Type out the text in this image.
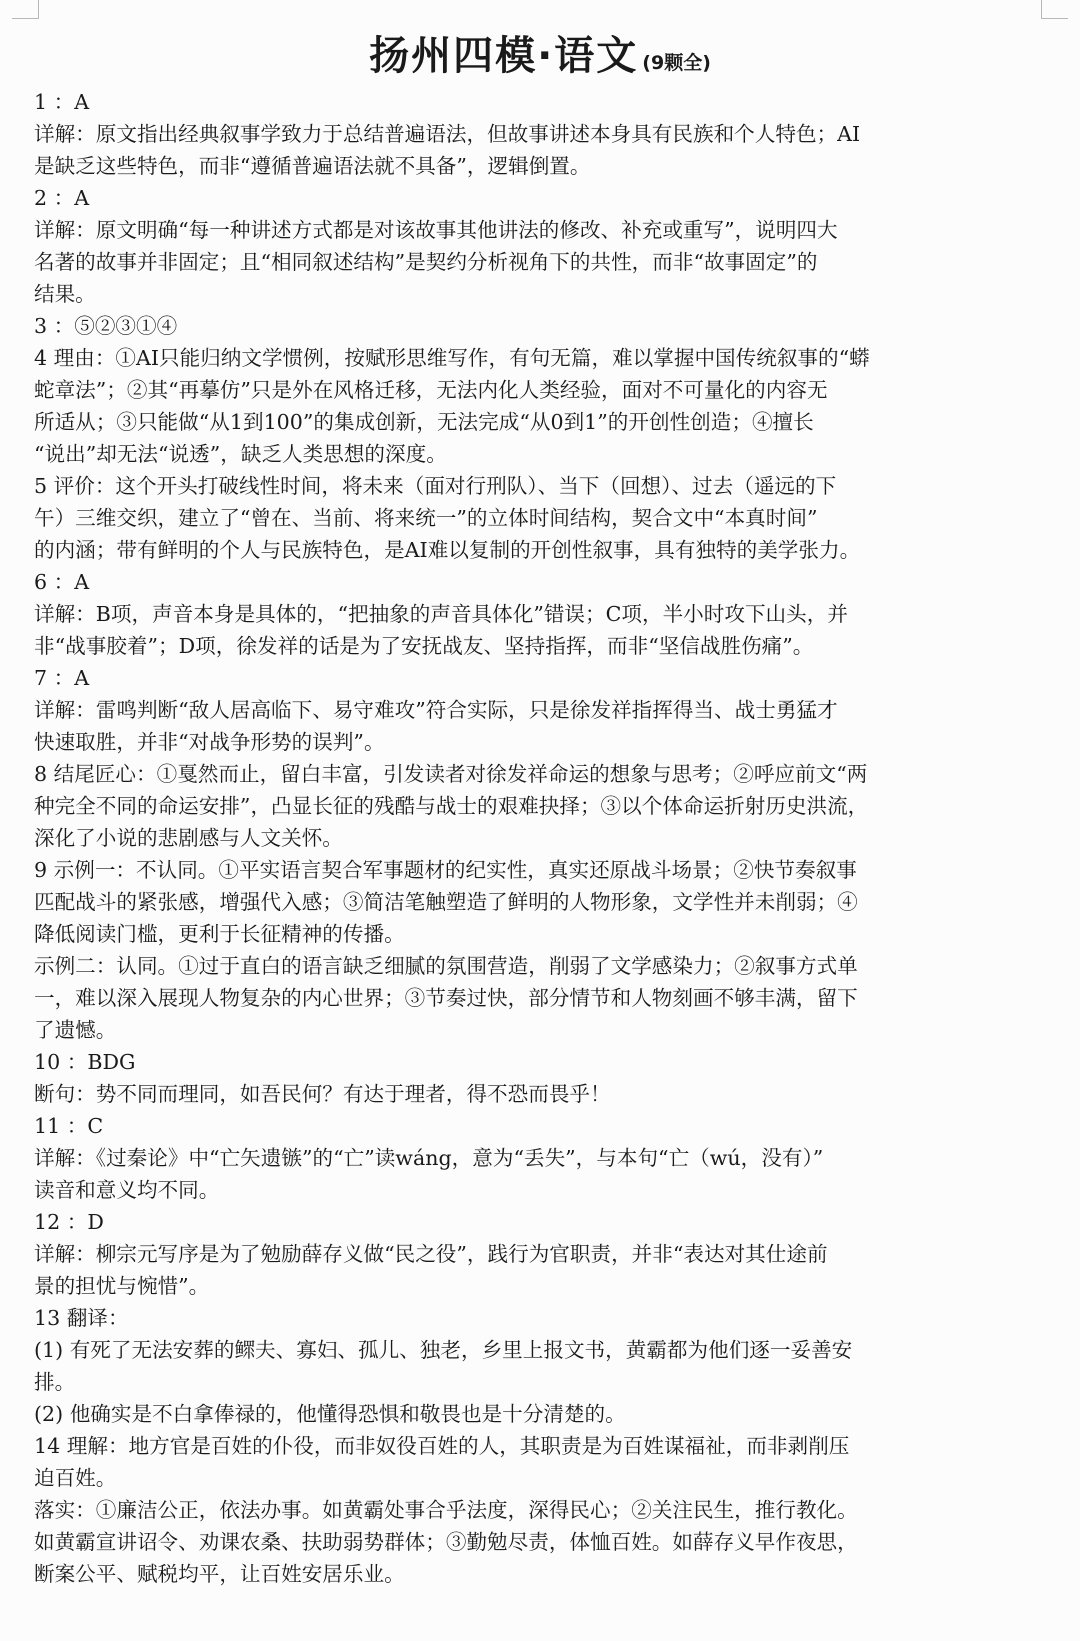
扬州四模·语文 (9颗全)
1 ：A
详解：原文指出经典叙事学致力于总结普遍语法，但故事讲述本身具有民族和个人特色；AI
是缺乏这些特色，而非“遵循普遍语法就不具备”，逻辑倒置。
2 ：A
详解：原文明确“每一种讲述方式都是对该故事其他讲法的修改、补充或重写”，说明四大
名著的故事并非固定；且“相同叙述结构”是契约分析视角下的共性，而非“故事固定”的
结果。
3 ：⑤②③①④
4 理由：①AI只能归纳文学惯例，按赋形思维写作，有句无篇，难以掌握中国传统叙事的“蟒
蛇章法”；②其“再摹仿”只是外在风格迁移，无法内化人类经验，面对不可量化的内容无
所适从；③只能做“从1到100”的集成创新，无法完成“从0到1”的开创性创造；④擅长
“说出”却无法“说透”，缺乏人类思想的深度。
5 评价：这个开头打破线性时间，将未来（面对行刑队）、当下（回想）、过去（遥远的下
午）三维交织，建立了“曾在、当前、将来统一”的立体时间结构，契合文中“本真时间”
的内涵；带有鲜明的个人与民族特色，是AI难以复制的开创性叙事，具有独特的美学张力。
6 ：A
详解：B项，声音本身是具体的，“把抽象的声音具体化”错误；C项，半小时攻下山头，并
非“战事胶着”；D项，徐发祥的话是为了安抚战友、坚持指挥，而非“坚信战胜伤痛”。
7 ：A
详解：雷鸣判断“敌人居高临下、易守难攻”符合实际，只是徐发祥指挥得当、战士勇猛才
快速取胜，并非“对战争形势的误判”。
8 结尾匠心：①戛然而止，留白丰富，引发读者对徐发祥命运的想象与思考；②呼应前文“两
种完全不同的命运安排”，凸显长征的残酷与战士的艰难抉择；③以个体命运折射历史洪流，
深化了小说的悲剧感与人文关怀。
9 示例一：不认同。①平实语言契合军事题材的纪实性，真实还原战斗场景；②快节奏叙事
匹配战斗的紧张感，增强代入感；③简洁笔触塑造了鲜明的人物形象，文学性并未削弱；④
降低阅读门槛，更利于长征精神的传播。
示例二：认同。①过于直白的语言缺乏细腻的氛围营造，削弱了文学感染力；②叙事方式单
一，难以深入展现人物复杂的内心世界；③节奏过快，部分情节和人物刻画不够丰满，留下
了遗憾。
10 ：BDG
断句：势不同而理同，如吾民何？有达于理者，得不恐而畏乎！
11 ：C
详解：《过秦论》中“亡矢遗镞”的“亡”读wáng，意为“丢失”，与本句“亡（wú，没有）”
读音和意义均不同。
12 ：D
详解：柳宗元写序是为了勉励薛存义做“民之役”，践行为官职责，并非“表达对其仕途前
景的担忧与惋惜”。
13 翻译：
(1) 有死了无法安葬的鳏夫、寡妇、孤儿、独老，乡里上报文书，黄霸都为他们逐一妥善安
排。
(2) 他确实是不白拿俸禄的，他懂得恐惧和敬畏也是十分清楚的。
14 理解：地方官是百姓的仆役，而非奴役百姓的人，其职责是为百姓谋福祉，而非剥削压
迫百姓。
落实：①廉洁公正，依法办事。如黄霸处事合乎法度，深得民心；②关注民生，推行教化。
如黄霸宣讲诏令、劝课农桑、扶助弱势群体；③勤勉尽责，体恤百姓。如薛存义早作夜思，
断案公平、赋税均平，让百姓安居乐业。
